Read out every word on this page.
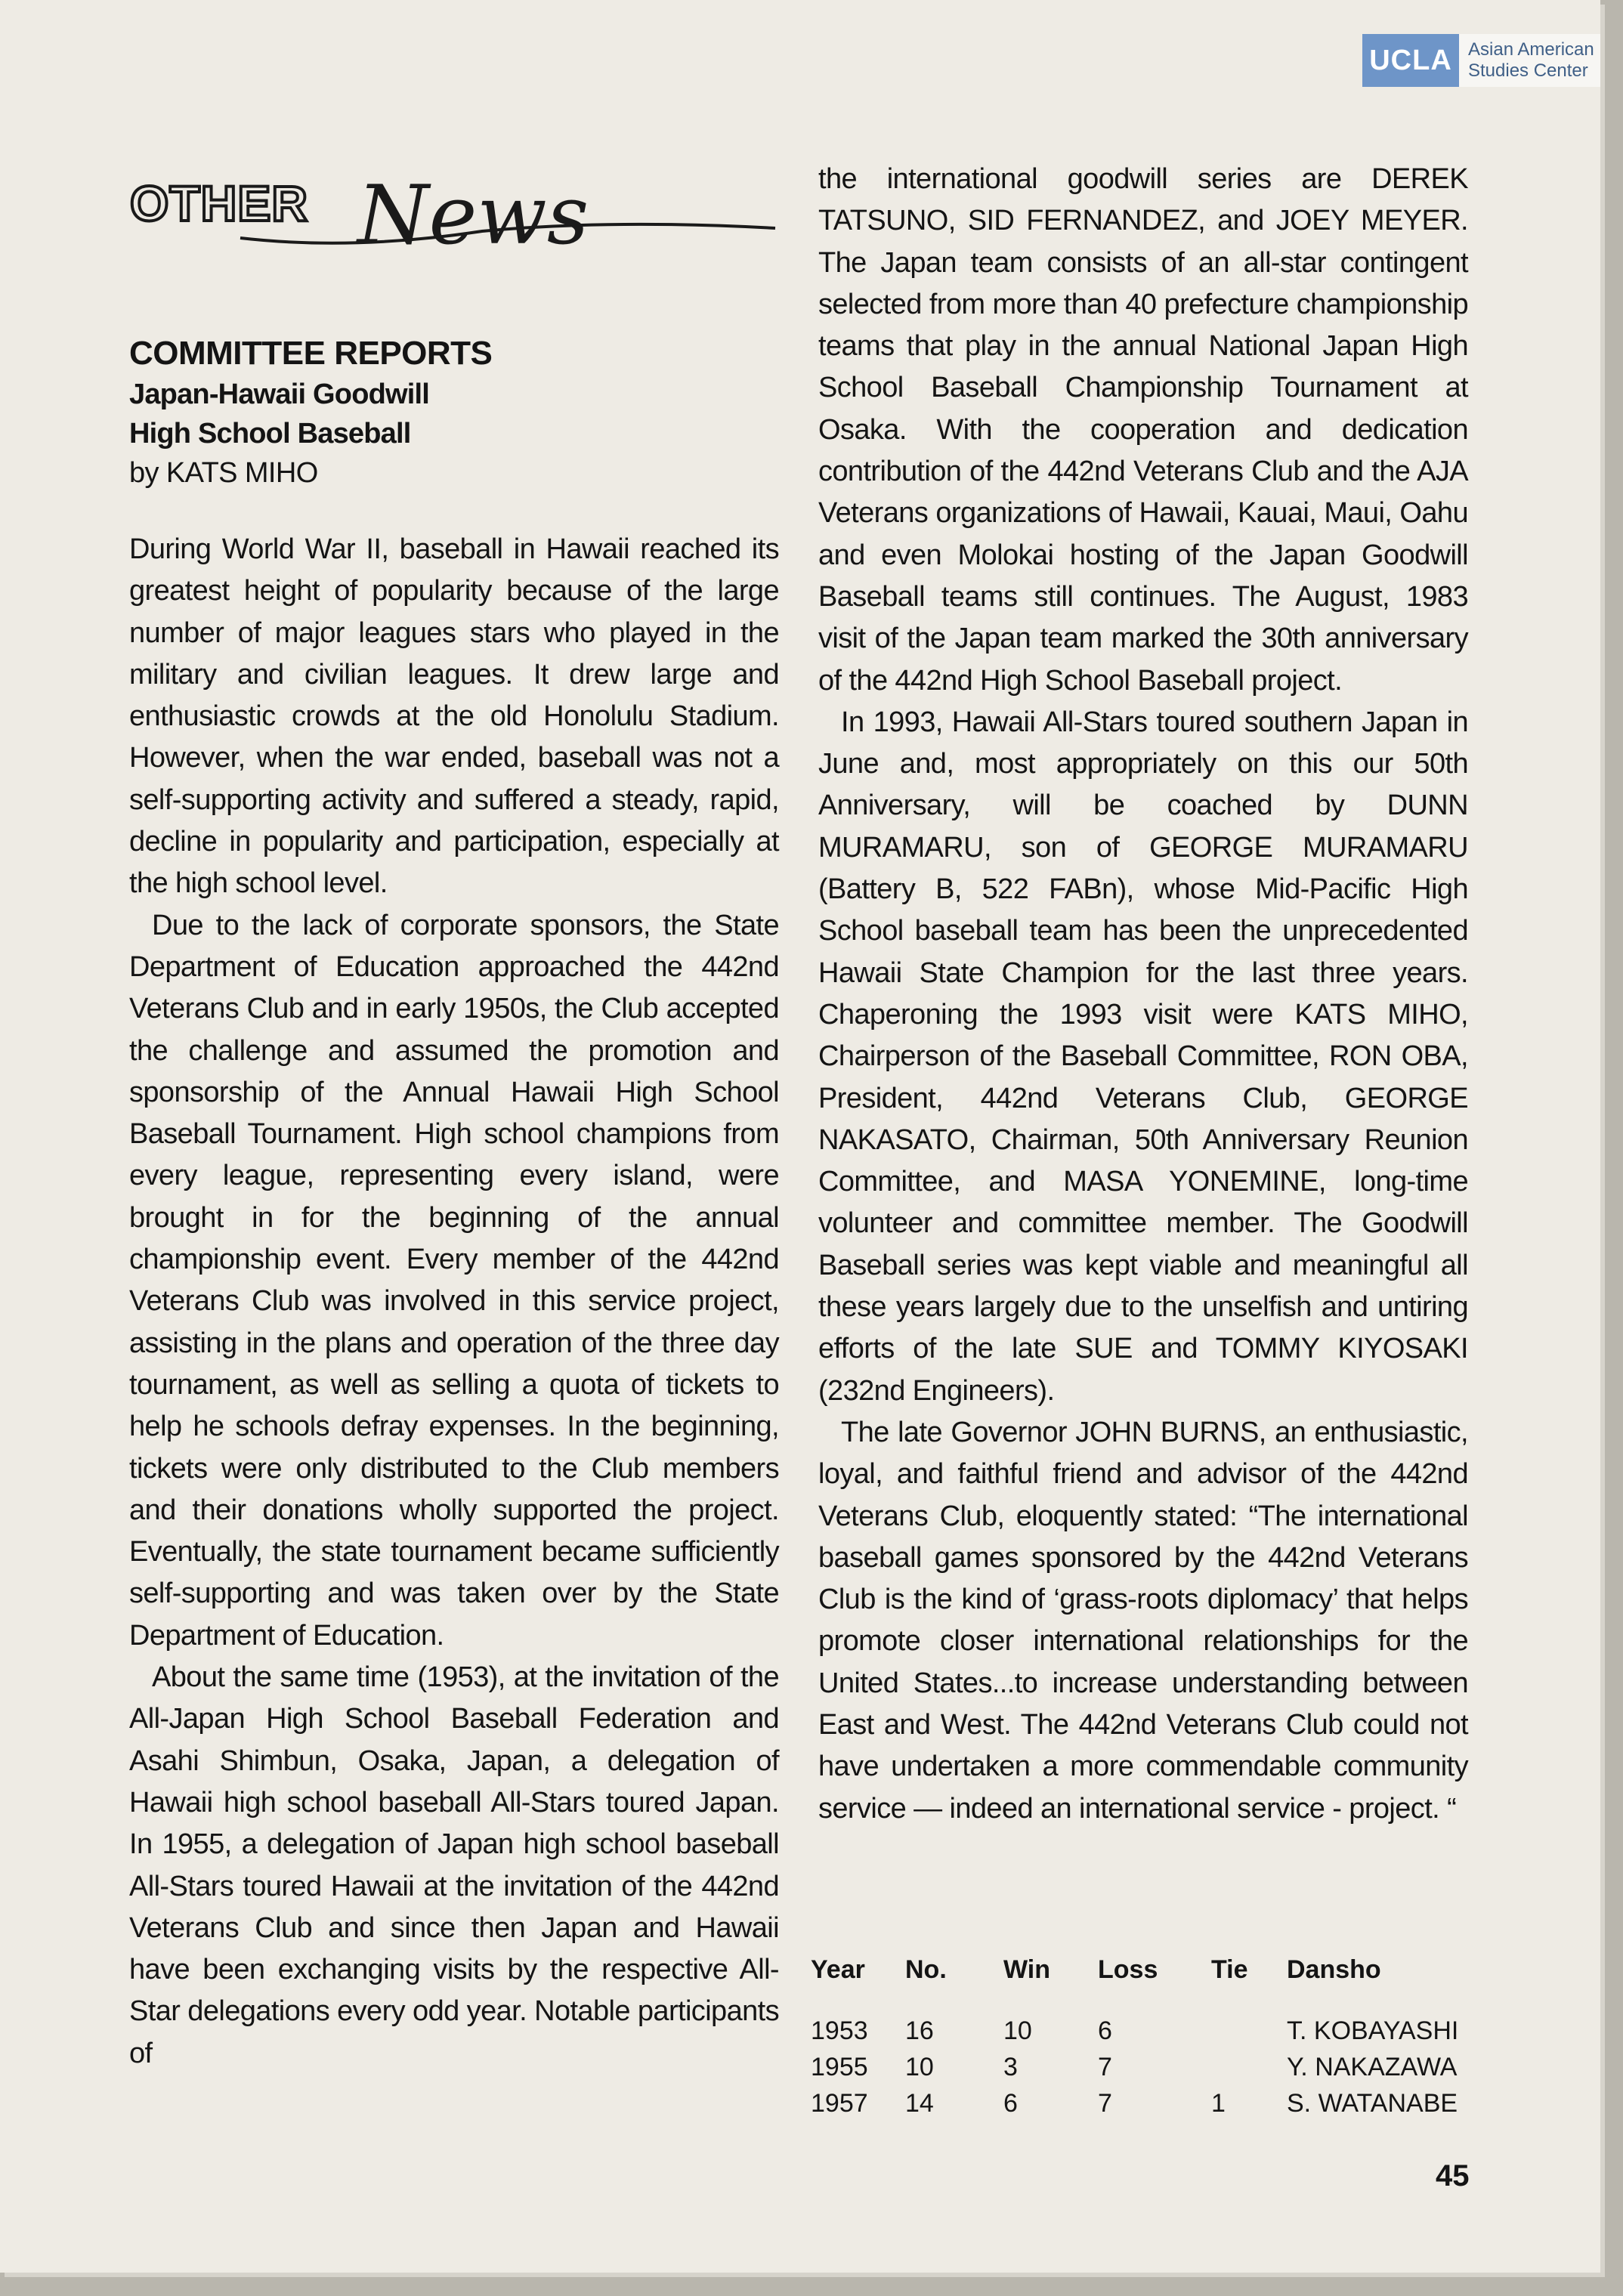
UCLA Asian American
Studies Center
OTHER News
COMMITTEE REPORTS
Japan-Hawaii Goodwill
High School Baseball

by KATS MIHO

During World War II, baseball in Hawaii reached its greatest height of popularity because of the large number of major leagues stars who played in the military and civilian leagues. It drew large and enthusiastic crowds at the old Honolulu Stadium. However, when the war ended, baseball was not a self-supporting activity and suffered a steady, rapid, decline in popularity and participation, especially at the high school level.

Due to the lack of corporate sponsors, the State Department of Education approached the 442nd Veterans Club and in early 1950s, the Club accepted the challenge and assumed the promotion and sponsorship of the Annual Hawaii High School Baseball Tournament. High school champions from every league, representing every island, were brought in for the beginning of the annual championship event. Every member of the 442nd Veterans Club was involved in this service project, assisting in the plans and operation of the three day tournament, as well as selling a quota of tickets to help he schools defray expenses. In the beginning, tickets were only distributed to the Club members and their donations wholly supported the project. Eventually, the state tournament became sufficiently self-supporting and was taken over by the State Department of Education.

About the same time (1953), at the invitation of the All-Japan High School Baseball Federation and Asahi Shimbun, Osaka, Japan, a delegation of Hawaii high school baseball All-Stars toured Japan. In 1955, a delegation of Japan high school baseball All-Stars toured Hawaii at the invitation of the 442nd Veterans Club and since then Japan and Hawaii have been exchanging visits by the respective All-Star delegations every odd year. Notable participants of

the international goodwill series are DEREK TATSUNO, SID FERNANDEZ, and JOEY MEYER. The Japan team consists of an all-star contingent selected from more than 40 prefecture championship teams that play in the annual National Japan High School Baseball Championship Tournament at Osaka. With the cooperation and dedication contribution of the 442nd Veterans Club and the AJA Veterans organizations of Hawaii, Kauai, Maui, Oahu and even Molokai hosting of the Japan Goodwill Baseball teams still continues. The August, 1983 visit of the Japan team marked the 30th anniversary of the 442nd High School Baseball project.

In 1993, Hawaii All-Stars toured southern Japan in June and, most appropriately on this our 50th Anniversary, will be coached by DUNN MURAMARU, son of GEORGE MURAMARU (Battery B, 522 FABn), whose Mid-Pacific High School baseball team has been the unprecedented Hawaii State Champion for the last three years. Chaperoning the 1993 visit were KATS MIHO, Chairperson of the Baseball Committee, RON OBA, President, 442nd Veterans Club, GEORGE NAKASATO, Chairman, 50th Anniversary Reunion Committee, and MASA YONEMINE, long-time volunteer and committee member. The Goodwill Baseball series was kept viable and meaningful all these years largely due to the unselfish and untiring efforts of the late SUE and TOMMY KIYOSAKI (232nd Engineers).

The late Governor JOHN BURNS, an enthusiastic, loyal, and faithful friend and advisor of the 442nd Veterans Club, eloquently stated: “The international baseball games sponsored by the 442nd Veterans Club is the kind of ‘grass-roots diplomacy’ that helps promote closer international relationships for the United States...to increase understanding between East and West. The 442nd Veterans Club could not have undertaken a more commendable community service — indeed an international service - project. “

Year	No.	Win	Loss	Tie	Dansho

1953	16	10	6		T. KOBAYASHI
1955	10	3	7		Y. NAKAZAWA
1957	14	6	7	1	S. WATANABE
45
